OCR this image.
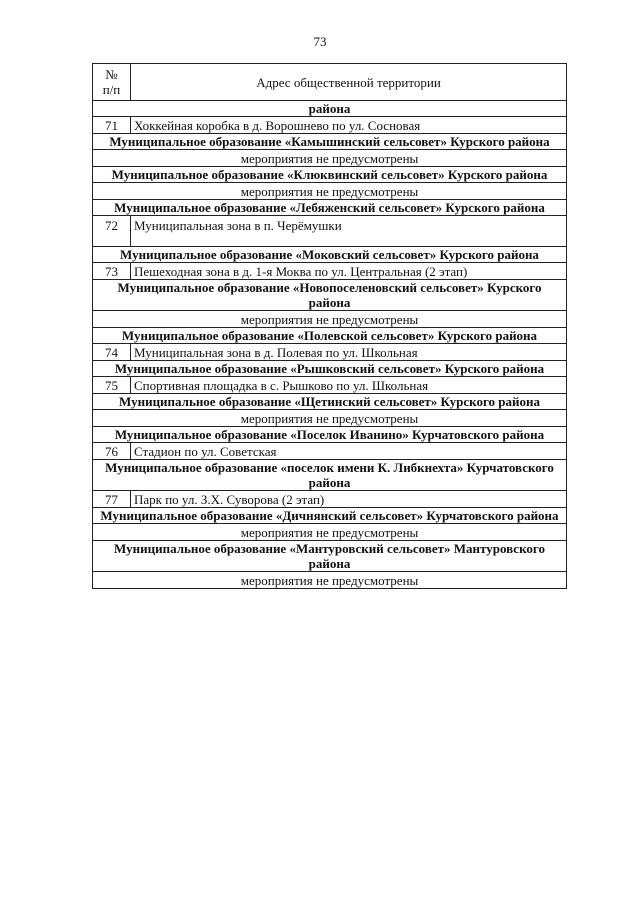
73
№
п/п	Адрес общественной территории
района	
71	Хоккейная коробка в д. Ворошнево по ул. Сосновая
Муниципальное образование «Камышинский сельсовет» Курского района	
мероприятия не предусмотрены	
Муниципальное образование «Клюквинский сельсовет» Курского района	
мероприятия не предусмотрены	
Муниципальное образование «Лебяженский сельсовет» Курского района	
72	Муниципальная зона в п. Черёмушки
Муниципальное образование «Моковский сельсовет» Курского района	
73	Пешеходная зона в д. 1-я Моква по ул. Центральная (2 этап)
Муниципальное образование «Новопоселеновский сельсовет» Курского района	
мероприятия не предусмотрены	
Муниципальное образование «Полевской сельсовет» Курского района	
74	Муниципальная зона в д. Полевая по ул. Школьная
Муниципальное образование «Рышковский сельсовет» Курского района	
75	Спортивная площадка в с. Рышково по ул. Школьная
Муниципальное образование «Щетинский сельсовет» Курского района	
мероприятия не предусмотрены	
Муниципальное образование «Поселок Иванино» Курчатовского района	
76	Стадион по ул. Советская
Муниципальное образование «поселок имени К. Либкнехта» Курчатовского района	
77	Парк по ул. З.Х. Суворова (2 этап)
Муниципальное образование «Дичнянский сельсовет» Курчатовского района	
мероприятия не предусмотрены	
Муниципальное образование «Мантуровский сельсовет» Мантуровского района	
мероприятия не предусмотрены	
